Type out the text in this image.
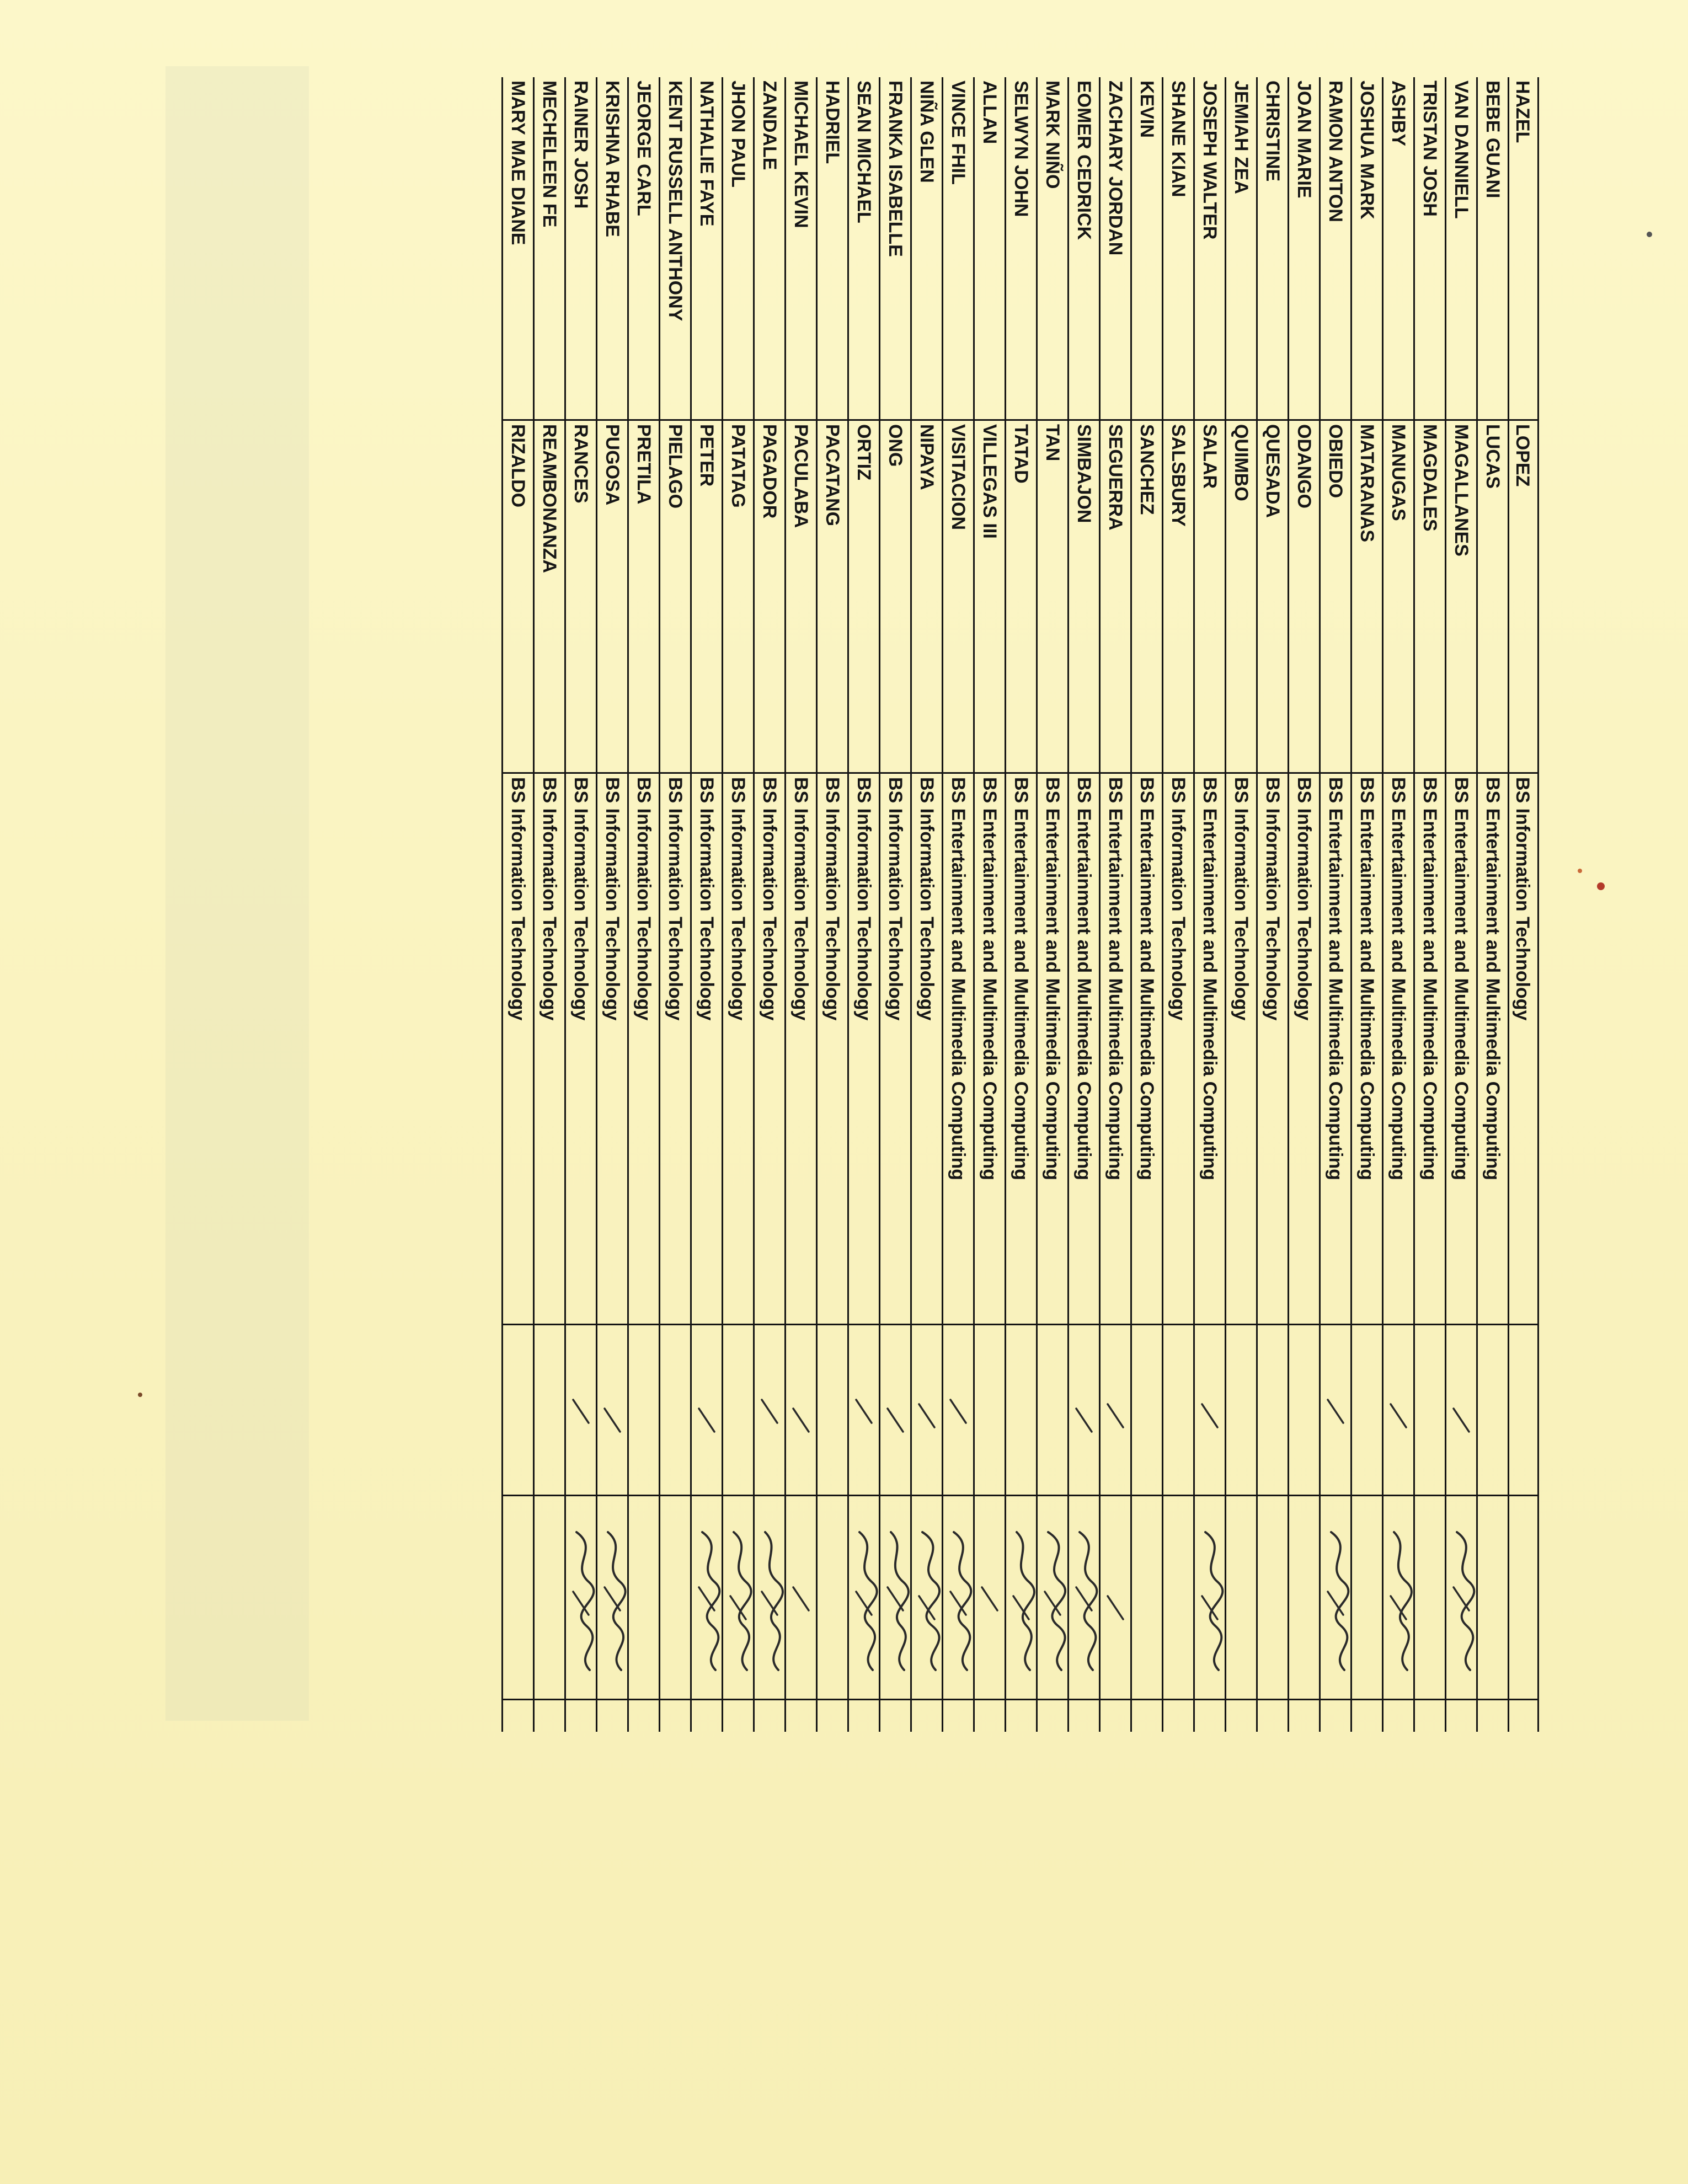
HAZEL
LOPEZ
BS Information Technology
BEBE GUANI
LUCAS
BS Entertainment and Multimedia Computing
VAN DANNIELL
MAGALLANES
BS Entertainment and Multimedia Computing
TRISTAN JOSH
MAGDALES
BS Entertainment and Multimedia Computing
ASHBY
MANUGAS
BS Entertainment and Multimedia Computing
JOSHUA MARK
MATARANAS
BS Entertainment and Multimedia Computing
RAMON ANTON
OBIEDO
BS Entertainment and Multimedia Computing
JOAN MARIE
ODANGO
BS Information Technology
CHRISTINE
QUESADA
BS Information Technology
JEMIAH ZEA
QUIMBO
BS Information Technology
JOSEPH WALTER
SALAR
BS Entertainment and Multimedia Computing
SHANE KIAN
SALSBURY
BS Information Technology
KEVIN
SANCHEZ
BS Entertainment and Multimedia Computing
ZACHARY JORDAN
SEGUERRA
BS Entertainment and Multimedia Computing
EOMER CEDRICK
SIMBAJON
BS Entertainment and Multimedia Computing
MARK NIÑO
TAN
BS Entertainment and Multimedia Computing
SELWYN JOHN
TATAD
BS Entertainment and Multimedia Computing
ALLAN
VILLEGAS III
BS Entertainment and Multimedia Computing
VINCE FHIL
VISITACION
BS Entertainment and Multimedia Computing
NIÑA GLEN
NIPAYA
BS Information Technology
FRANKA ISABELLE
ONG
BS Information Technology
SEAN MICHAEL
ORTIZ
BS Information Technology
HADRIEL
PACATANG
BS Information Technology
MICHAEL KEVIN
PACULABA
BS Information Technology
ZANDALE
PAGADOR
BS Information Technology
JHON PAUL
PATATAG
BS Information Technology
NATHALIE FAYE
PETER
BS Information Technology
KENT RUSSELL ANTHONY
PIELAGO
BS Information Technology
JEORGE CARL
PRETILA
BS Information Technology
KRISHNA RHABE
PUGOSA
BS Information Technology
RAINER JOSH
RANCES
BS Information Technology
MECHELEEN FE
REAMBONANZA
BS Information Technology
MARY MAE DIANE
RIZALDO
BS Information Technology
